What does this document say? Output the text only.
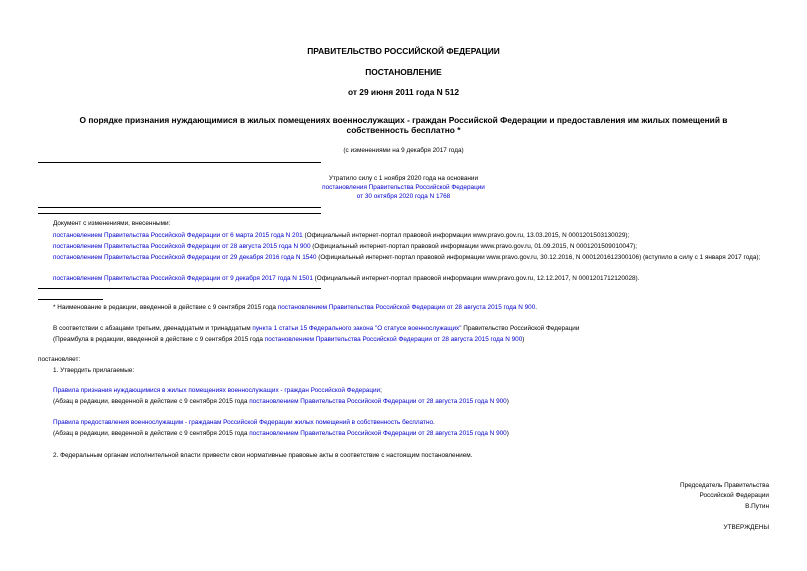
ПРАВИТЕЛЬСТВО РОССИЙСКОЙ ФЕДЕРАЦИИ
ПОСТАНОВЛЕНИЕ
от 29 июня 2011 года N 512
О порядке признания нуждающимися в жилых помещениях военнослужащих - граждан Российской Федерации и предоставления им жилых помещений в собственность бесплатно *
(с изменениями на 9 декабря 2017 года)
Утратило силу с 1 ноября 2020 года на основании
постановления Правительства Российской Федерации
от 30 октября 2020 года N 1768
Документ с изменениями, внесенными:
постановлением Правительства Российской Федерации от 6 марта 2015 года N 201 (Официальный интернет-портал правовой информации www.pravo.gov.ru, 13.03.2015, N 0001201503130029);
постановлением Правительства Российской Федерации от 28 августа 2015 года N 900 (Официальный интернет-портал правовой информации www.pravo.gov.ru, 01.09.2015, N 0001201509010047);
постановлением Правительства Российской Федерации от 29 декабря 2016 года N 1540 (Официальный интернет-портал правовой информации www.pravo.gov.ru, 30.12.2016, N 0001201612300106) (вступило в силу с 1 января 2017 года);
постановлением Правительства Российской Федерации от 9 декабря 2017 года N 1501 (Официальный интернет-портал правовой информации www.pravo.gov.ru, 12.12.2017, N 0001201712120028).
* Наименование в редакции, введенной в действие с 9 сентября 2015 года постановлением Правительства Российской Федерации от 28 августа 2015 года N 900.
В соответствии с абзацами третьим, двенадцатым и тринадцатым пункта 1 статьи 15 Федерального закона "О статусе военнослужащих" Правительство Российской Федерации
(Преамбула в редакции, введенной в действие с 9 сентября 2015 года постановлением Правительства Российской Федерации от 28 августа 2015 года N 900)
постановляет:
1. Утвердить прилагаемые:
Правила признания нуждающимися в жилых помещениях военнослужащих - граждан Российской Федерации;
(Абзац в редакции, введенной в действие с 9 сентября 2015 года постановлением Правительства Российской Федерации от 28 августа 2015 года N 900)
Правила предоставления военнослужащим - гражданам Российской Федерации жилых помещений в собственность бесплатно.
(Абзац в редакции, введенной в действие с 9 сентября 2015 года постановлением Правительства Российской Федерации от 28 августа 2015 года N 900)
2. Федеральным органам исполнительной власти привести свои нормативные правовые акты в соответствие с настоящим постановлением.
Председатель Правительства
Российской Федерации
В.Путин
УТВЕРЖДЕНЫ
